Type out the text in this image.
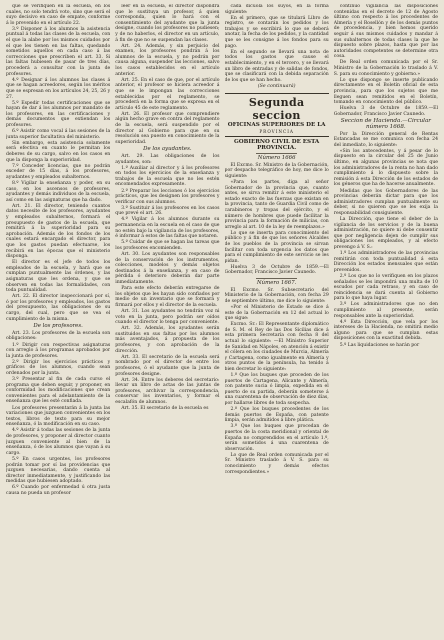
que se verifiquen en la escuela, en los cuales, no solo tendrá voto, sino que será el suyo decisivo en caso de empate, conforme á lo prevenido en el artículo 22.

3.º Disponer á los alumnos la asistencia puntual á todas las clases de la escuela, con el que la alabe por los mismos cuidados por el que les tienen en las faltas, quedando sometidos aquellos en cada caso á las correcciones que prescriben el art. 33. Si las faltas hubiesen de pasar de tres días, procederá a consultar con la junta de profesores.

4.º Designar á los alumnos las clases á que se hagan acreedores, según los méritos que se espresan en los artículos 24, 25, 26 y 27.

5.º Espedir todas certificaciones que se hayan de dar á los alumnos por mandato de los profesores, en las certificaciones y demás documentos que extiendan los profesores.

6.º Asistir como vocal á las sesiones de la junta superior facultativa del ministerio.

Sin embargo, esta asistencia solamente será efectiva en cuanto le permitan los deberes de su cargo, salvo en los casos en que la disponga la superioridad.

7.º Conceder licencias, que no podrán exceder de 15 días, á los profesores, ayudantes y empleados subalternos.

8.º Vigilar la enseñanza y poder, en su caso, en los ascensos de profesores, ayudantes y demás individuos de la escuela, así como en las asignaturas que ha dado.

Art. 21. El director, teniendo cuantos datos necesite de los profesores, ayudantes y empleados subalternos, formará el presupuesto de gastos de la escuela, que remitirá á la superioridad para su aprobación. Además de los fondos de los cuales estará encargado el director, para que los gastos puedan efectuarse, los recibirá en las épocas que el ministerio disponga.

El director es el jefe de todos los empleados de la escuela, y hará que se cumplan puntualmente las órdenes, y las asignaturas que les ordena, y que se observen en todas las formalidades, con toda puntualidad.

Art. 22. El director inspeccionará por sí, ó por los profesores y empleados, los gastos del presupuesto, las obligaciones de su cargo, del cual, pero que se vea el cumplimiento de la misma.

De los profesores.

Art. 23. Los profesores de la escuela son obligaciones:

1.º Dirigir con respectivas asignaturas con arreglo á los programas aprobados por la junta de profesores.

2.º Dirigir los ejercicios prácticos y gráficos de los alumnos, cuando sean ordenados por la junta.

3.º Presentar al fin de cada curso el programa que deben seguir, y proponer, en conformidad los modificaciones que crean convenientes para el adelantamiento de la enseñanza que les esté confiada.

Los profesores presentarán á la junta las variaciones que juzguen convenientes en los textos, libros de texto para su mejor enseñanza, ó la modificación en su caso.

4.º Asistir á todas las sesiones de la junta de profesores, y proponer al director cuanto juzguen conveniente al bien de la enseñanza, ó de los alumnos que vayan á su cargo.

5.º En casos urgentes, los profesores podrán tomar por sí las providencias que juzguen necesarias, dando cuenta al director inmediatamente, y justificando las medidas que hubiesen adoptado.

6.º Cuando por enfermedad ú otra justa causa no pueda un profesor

leer en la escuela, el director dispondrá que le sustituya un profesor, á quien corresponda, quien lo hará con el consentimiento del ayudante que la junta designe, cuando los profesores no pudiesen; y de no haberlos, el director en un artículo, á fin de que no se suspendan las clases.

Art. 24. Además, y sin perjuicio del examen, los profesores pondrán á los alumnos de la escuela, y no podrán por causa alguna, suspender las lecciones, salvo los casos establecidos en el artículo anterior.

Art. 25. En el caso de que, por el artículo anterior, el profesor se hiciera acreedor á que se le impongan las correcciones establecidas por el reglamento, se procederá en la forma que se expresa en el artículo 45 de este reglamento.

Art. 26. El profesor que comprendiere algún hecho grave en contra del reglamento de la escuela, será suspendido por el director al Gobierno para que en su resolución sea puesto en conocimiento de la superioridad.

De los ayudantes.

Art. 29. Las obligaciones de los ayudantes, son:

1.º Auxiliar al director y á los profesores en todos los ejercicios de la enseñanza y trabajos de la escuela que no les estén encomendados expresamente.

2.º Preparar los lecciones ó los ejercicios prácticos, que les designen los profesores y verificar con sus alumnos.

3.º Sustituir á los profesores en los casos que prevé el art. 26.

4.º Vigilar á los alumnos durante su permanencia en la escuela en el caso de que no estén bajo la vigilancia de los profesores, é informar á estos de las faltas que notaren.

5.º Cuidar de que se hagan las tareas que los profesores encomienden.

Art. 30. Los ayudantes son responsables de la conservación de los instrumentos, colecciones, modelos y demás objetos destinados á la enseñanza, y en caso de pérdida ó deterioro deberán dar parte inmediatamente.

Para este efecto deberán entregarse de los objetos que les hayan sido confiados por medio de un inventario que se formará y firmará por ellos y el director de la escuela.

Art. 31. Los ayudantes no tendrán voz ni voto en la junta, pero podrán ser oídos cuando el director lo tenga por conveniente.

Art. 32. Además, los ayudantes serán sustituidos en sus faltas por los alumnos más aventajados, á propuesta de los profesores, y con aprobación de la dirección.

Art. 33. El secretario de la escuela será nombrado por el director de entre los profesores, ó el ayudante que la junta de profesores designe.

Art. 34. Entre los deberes del secretario: llevar un libro de actas de las juntas de profesores, archivar la correspondencia, conservar los inventarios, y formar el escalafón de alumnos.

Art. 35. El secretario de la escuela es

cada dicuola los suyos, en la forma siguiente:

En el primero, que se titulará Libro de registro, se contarán los pedidos y los trabajos y se escribirá lo que se deberá anotar, la fecha de los pedidos, y la cantidad que se les consigne á los fondos para su pago.

En el segundo se llevará una nota de todos los gastos que cause el establecimiento, y en el tercero, y se llevará un libro de entradas y de salidas de fondos, que se clasificará con la debida separación de los que se han hecho.

(Se continuará)
Segunda seccion
OFICINAS SUPERIORES DE LA
PROVINCIA
GOBIERNO CIVIL DE ESTA PROVINCIA.
Número 1666

El Excmo. Sr. Ministro de la Gobernación, por despacho telegráfico de hoy, me dice lo siguiente:

«Para los partes, diga al señor Gobernador de la provincia que, cuanto antes, se sirva remitir á este ministerio el estado exacto de las fuerzas que existan en la provincia, tanto de Guardia Civil como de carabineros y tropas del ejército, y el número de hombres que puede facilitar la provincia para la formación de milicias, con arreglo al art. 10 de la ley de reemplazos.»

Lo que se inserta para conocimiento del público y á fin de que los señores Alcaldes de los pueblos de la provincia se sirvan facilitar con toda urgencia los datos que para el cumplimiento de este servicio se les pidan.

Huelva 3 de Octubre de 1859.—El Gobernador, Francisco Javier Caunedo.

Número 1667.

El Excmo. Sr. Subsecretario del Ministerio de la Gobernación, con fecha 29 de septiembre último, me dice lo siguiente:

«Por el Ministerio de Estado se dice á este de la Gobernación en 12 del actual lo que sigue:

Excmo. Sr.: El Representante diplomático de S. M. el Rey de las Dos Sicilias dice á esta primera Secretaría con fecha 8 del actual lo siguiente: —El Ministro Superior de Sanidad en Nápoles, en atención á existir el cólera en los ciudades de Murcia, Almería y Cartagena, como igualmente en Almería y otros puntos de la península, ha tenido á bien decretar lo siguiente:

1.º Que los buques que proceden de los puertos de Cartagena, Alicante y Almería, con patente sucia ó limpia, expedida en el puerto de su partida, deberán someterse á una cuarentena de observación de diez días, por hallarse libres de toda sospecha.

2.º Que los buques procedentes de los demás puertos de España, con patente limpia, serán admitidos á libre plática.

3.º Que los buques que procedan de puertos de la costa meridional y oriental de España no comprendidos en el artículo 1.º, serán sometidos á una cuarentena de observación.

Lo que de Real orden comunicada por el Sr. Ministro traslado á V. S. para su conocimiento y demás efectos correspondientes.»

continuo vigilancia las disposiciones contenidas en el decreto de 12 de Agosto último con respecto á los procedentes de Almería y el Rosellón y de los demás puntos de procedencia, y bien hemos querido seguir á sus mismos cuidados y mandar á sus subalternos de todas clases la que he dispuesto sobre plazos, hasta que por las autoridades competentes se determine otra cosa.

De Real orden comunicada por el Sr. Ministro de la Gobernación lo traslado á V. S. para su conocimiento y gobierno.»

Lo que dispongo se inserte publicando directamente en el Boletín oficial de esta provincia, para que los sujetos que me lleguen sean remitidos en el Boletín, tomando en conocimiento del público.

Huelva 3 de Octubre de 1859.—El Gobernador, Francisco Javier Caunedo.

Seccion de Hacienda.—Circular número 1668.

Por la Dirección general de Rentas Estancadas se me comunica con fecha 24 del inmediato, lo siguiente:

«Sin los antecedentes, y á pesar de lo dispuesto en la circular del 25 de Junio último, en algunas provincias se nota que los administradores de la renta no han dado cumplimiento á lo dispuesto sobre la remisión á esta Dirección de los estados de los géneros que ha de hacerse anualmente.

Medidas que los Gobernadores de las provincias deberán dictar para que los administradores cumplan puntualmente su deber, si no quieren que se les exija la responsabilidad consiguiente.

La Dirección, que tiene el deber de la vigilancia de los servicios y de la buena administración, no quiere ni debe consentir que por negligencia dejen de cumplir sus obligaciones los empleados, y al efecto prevengo á V. S.:

1.º Los administradores de las provincias remitirán con toda puntualidad á esta Dirección los estados mensuales que están prevenidos.

2.º Los que no lo verifiquen en los plazos señalados se les impondrá una multa de 10 escudos por cada retraso, y en caso de reincidencia se dará cuenta al Gobierno para lo que haya lugar.

3.º Los administradores que no den cumplimiento al presente, serán responsables ante la superioridad.

4.º Esta Dirección, que vela por los intereses de la Hacienda, no omitirá medio alguno para que se cumplan estas disposiciones con la exactitud debida.

5.º Las liquidaciones se harán por
